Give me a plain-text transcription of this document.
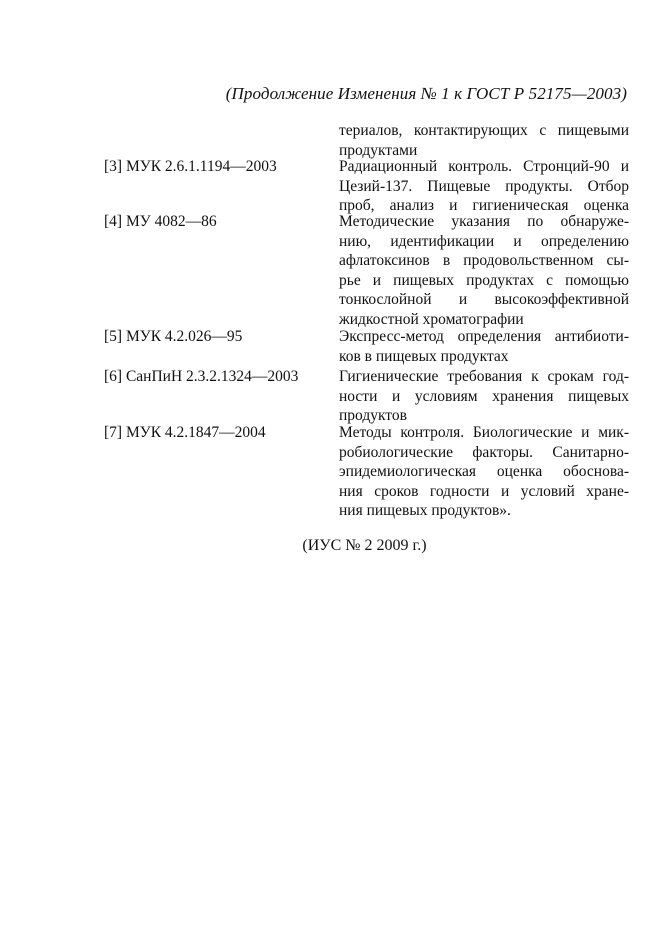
(Продолжение Изменения № 1 к ГОСТ Р 52175—2003)
териалов, контактирующих с пищевыми
продуктами
[3] МУК 2.6.1.1194—2003	Радиационный контроль. Стронций-90 и
Цезий-137. Пищевые продукты. Отбор
проб, анализ и гигиеническая оценка
[4] МУ 4082—86	Методические указания по обнаруже-
нию, идентификации и определению
афлатоксинов в продовольственном сы-
рье и пищевых продуктах с помощью
тонкослойной и высокоэффективной
жидкостной хроматографии
[5] МУК 4.2.026—95	Экспресс-метод определения антибиоти-
ков в пищевых продуктах
[6] СанПиН 2.3.2.1324—2003	Гигиенические требования к срокам год-
ности и условиям хранения пищевых
продуктов
[7] МУК 4.2.1847—2004	Методы контроля. Биологические и мик-
робиологические факторы. Санитарно-
эпидемиологическая оценка обоснова-
ния сроков годности и условий хране-
ния пищевых продуктов».
(ИУС № 2 2009 г.)
